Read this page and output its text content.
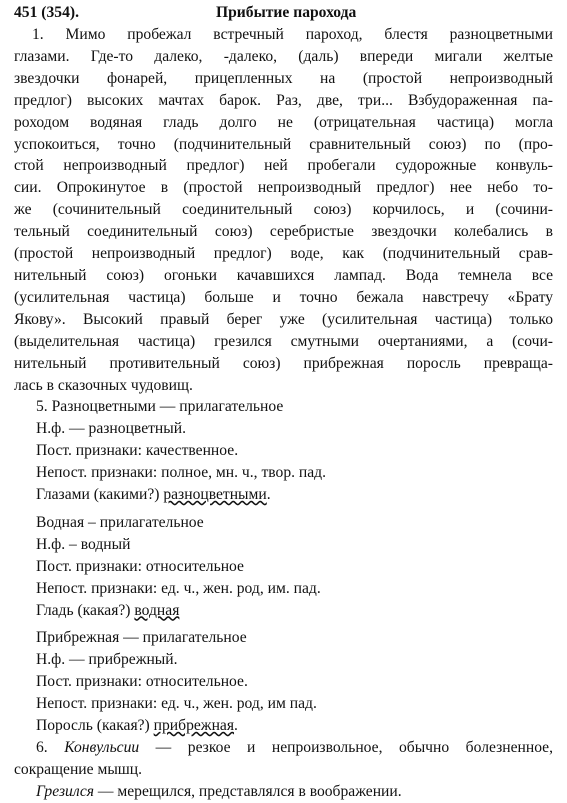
451 (354).	Прибытие парохода
1. Мимо пробежал встречный пароход, блестя разноцветными
глазами. Где-то далеко, -далеко, (даль) впереди мигали желтые
звездочки фонарей, прицепленных на (простой непроизводный
предлог) высоких мачтах барок. Раз, две, три... Взбудораженная па-
роходом водяная гладь долго не (отрицательная частица) могла
успокоиться, точно (подчинительный сравнительный союз) по (про-
стой непроизводный предлог) ней пробегали судорожные конвуль-
сии. Опрокинутое в (простой непроизводный предлог) нее небо то-
же (сочинительный соединительный союз) корчилось, и (сочини-
тельный соединительный союз) серебристые звездочки колебались в
(простой непроизводный предлог) воде, как (подчинительный срав-
нительный союз) огоньки качавшихся лампад. Вода темнела все
(усилительная частица) больше и точно бежала навстречу «Брату
Якову». Высокий правый берег уже (усилительная частица) только
(выделительная частица) грезился смутными очертаниями, а (сочи-
нительный противительный союз) прибрежная поросль превраща-
лась в сказочных чудовищ.
5. Разноцветными — прилагательное
Н.ф. — разноцветный.
Пост. признаки: качественное.
Непост. признаки: полное, мн. ч., твор. пад.
Глазами (какими?) разноцветными.
Водная – прилагательное
Н.ф. – водный
Пост. признаки: относительное
Непост. признаки: ед. ч., жен. род, им. пад.
Гладь (какая?) водная
Прибрежная — прилагательное
Н.ф. — прибрежный.
Пост. признаки: относительное.
Непост. признаки: ед. ч., жен. род, им пад.
Поросль (какая?) прибрежная.
6. Конвульсии — резкое и непроизвольное, обычно болезненное,
сокращение мышц.
Грезился — мерещился, представлялся в воображении.
